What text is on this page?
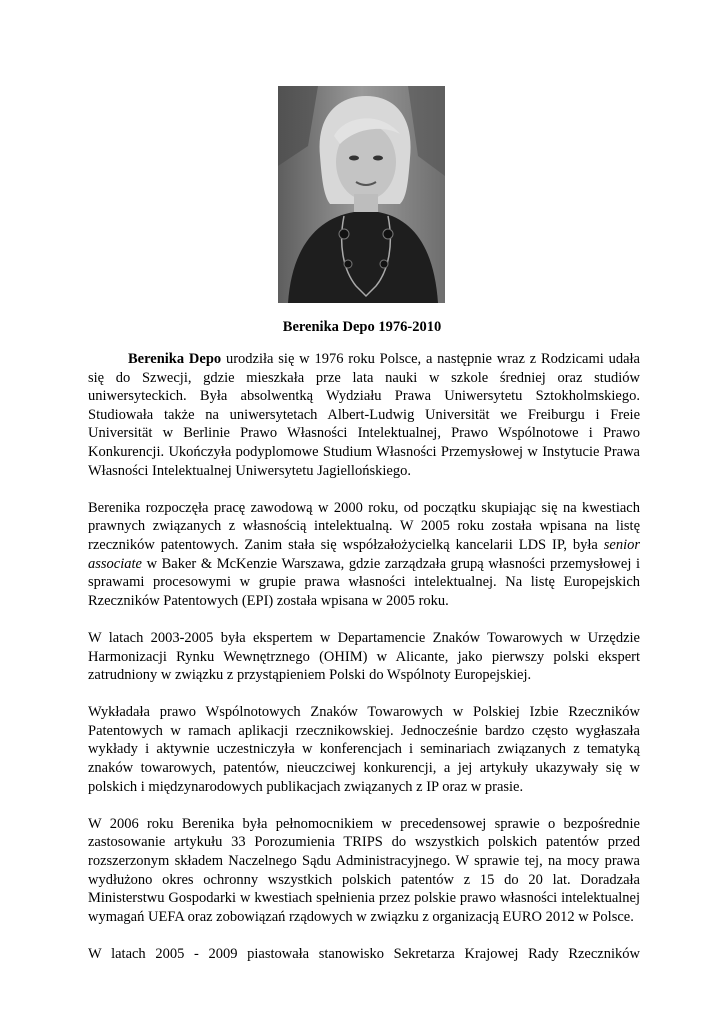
Berenika Depo 1976-2010

Berenika Depo urodziła się w 1976 roku Polsce, a następnie wraz z Rodzicami udała się do Szwecji, gdzie mieszkała prze lata nauki w szkole średniej oraz studiów uniwersyteckich. Była absolwentką Wydziału Prawa Uniwersytetu Sztokholmskiego. Studiowała także na uniwersytetach Albert-Ludwig Universität we Freiburgu i Freie Universität w Berlinie Prawo Własności Intelektualnej, Prawo Wspólnotowe i Prawo Konkurencji. Ukończyła podyplomowe Studium Własności Przemysłowej w Instytucie Prawa Własności Intelektualnej Uniwersytetu Jagiellońskiego.

Berenika rozpoczęła pracę zawodową w 2000 roku, od początku skupiając się na kwestiach prawnych związanych z własnością intelektualną. W 2005 roku została wpisana na listę rzeczników patentowych. Zanim stała się współzałożycielką kancelarii LDS IP, była senior associate w Baker & McKenzie Warszawa, gdzie zarządzała grupą własności przemysłowej i sprawami procesowymi w grupie prawa własności intelektualnej. Na listę Europejskich Rzeczników Patentowych (EPI) została wpisana w 2005 roku.

W latach 2003-2005 była ekspertem w Departamencie Znaków Towarowych w Urzędzie Harmonizacji Rynku Wewnętrznego (OHIM) w Alicante, jako pierwszy polski ekspert zatrudniony w związku z przystąpieniem Polski do Wspólnoty Europejskiej.

Wykładała prawo Wspólnotowych Znaków Towarowych w Polskiej Izbie Rzeczników Patentowych w ramach aplikacji rzecznikowskiej. Jednocześnie bardzo często wygłaszała wykłady i aktywnie uczestniczyła w konferencjach i seminariach związanych z tematyką znaków towarowych, patentów, nieuczciwej konkurencji, a jej artykuły ukazywały się w polskich i międzynarodowych publikacjach związanych z IP oraz w prasie.

W 2006 roku Berenika była pełnomocnikiem w precedensowej sprawie o bezpośrednie zastosowanie artykułu 33 Porozumienia TRIPS do wszystkich polskich patentów przed rozszerzonym składem Naczelnego Sądu Administracyjnego. W sprawie tej, na mocy prawa wydłużono okres ochronny wszystkich polskich patentów z 15 do 20 lat. Doradzała Ministerstwu Gospodarki w kwestiach spełnienia przez polskie prawo własności intelektualnej wymagań UEFA oraz zobowiązań rządowych w związku z organizacją EURO 2012 w Polsce.

W latach 2005 - 2009 piastowała stanowisko Sekretarza Krajowej Rady Rzeczników
